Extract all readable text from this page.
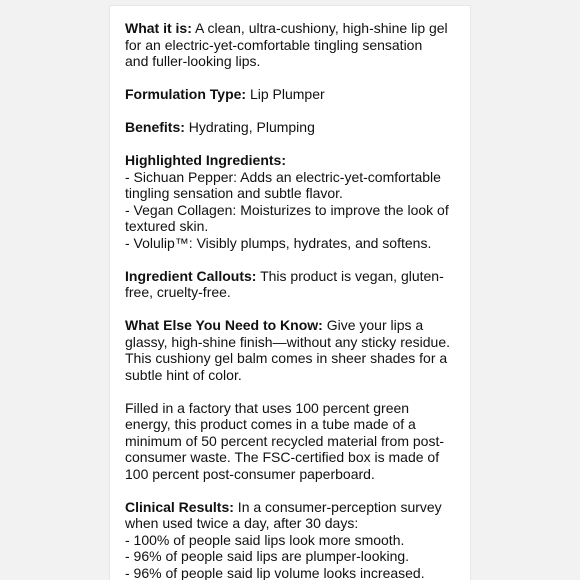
What it is: A clean, ultra-cushiony, high-shine lip gel
for an electric-yet-comfortable tingling sensation
and fuller-looking lips.
Formulation Type: Lip Plumper
Benefits: Hydrating, Plumping
Highlighted Ingredients:
- Sichuan Pepper: Adds an electric-yet-comfortable
tingling sensation and subtle flavor.
- Vegan Collagen: Moisturizes to improve the look of
textured skin.
- Volulip™: Visibly plumps, hydrates, and softens.
Ingredient Callouts: This product is vegan, gluten-
free, cruelty-free.
What Else You Need to Know: Give your lips a
glassy, high-shine finish—without any sticky residue.
This cushiony gel balm comes in sheer shades for a
subtle hint of color.
Filled in a factory that uses 100 percent green
energy, this product comes in a tube made of a
minimum of 50 percent recycled material from post-
consumer waste. The FSC-certified box is made of
100 percent post-consumer paperboard.
Clinical Results: In a consumer-perception survey
when used twice a day, after 30 days:
- 100% of people said lips look more smooth.
- 96% of people said lips are plumper-looking.
- 96% of people said lip volume looks increased.
